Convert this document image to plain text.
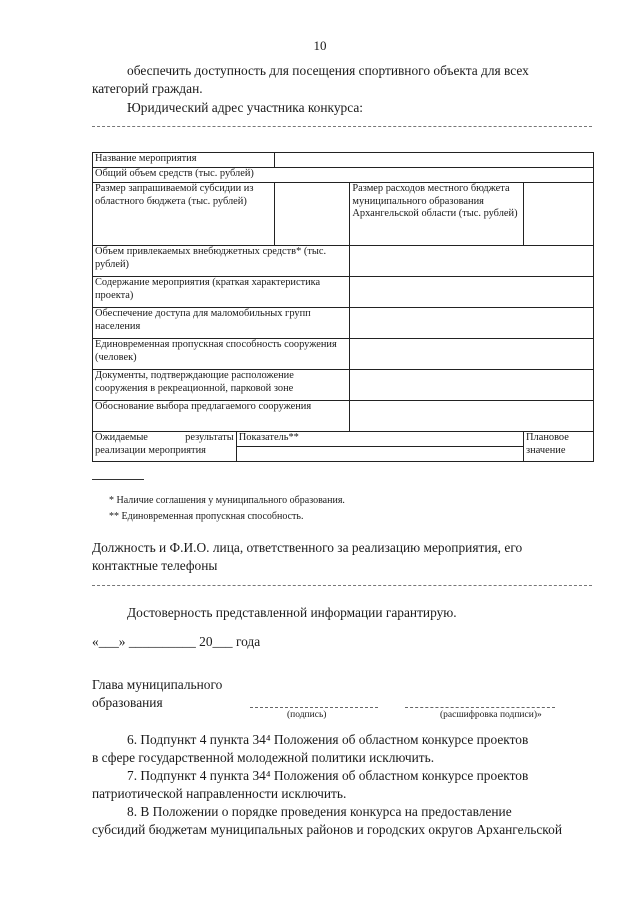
10
обеспечить доступность для посещения спортивного объекта для всех
категорий граждан.
Юридический адрес участника конкурса:
Название мероприятия				
Общий объем средств (тыс. рублей)				
Размер запрашиваемой субсидии из областного бюджета (тыс. рублей)			Размер расходов местного бюджета муниципального образования Архангельской области (тыс. рублей)	
Объем привлекаемых внебюджетных средств* (тыс. рублей)				
Содержание мероприятия (краткая характеристика проекта)				
Обеспечение доступа для маломобильных групп населения				
Единовременная пропускная способность сооружения (человек)				
Документы, подтверждающие расположение сооружения в рекреационной, парковой зоне				
Обоснование выбора предлагаемого сооружения				
Ожидаемые результаты реализации мероприятия	Показатель**			Плановое значение

* Наличие соглашения у муниципального образования.
** Единовременная пропускная способность.
Должность и Ф.И.О. лица, ответственного за реализацию мероприятия, его
контактные телефоны
Достоверность представленной информации гарантирую.
«___» __________ 20___ года
Глава муниципального
образования
(подпись)	(расшифровка подписи)»
6. Подпункт 4 пункта 34⁴ Положения об областном конкурсе проектов
в сфере государственной молодежной политики исключить.
7. Подпункт 4 пункта 34⁴ Положения об областном конкурсе проектов
патриотической направленности исключить.
8. В Положении о порядке проведения конкурса на предоставление
субсидий бюджетам муниципальных районов и городских округов Архангельской
